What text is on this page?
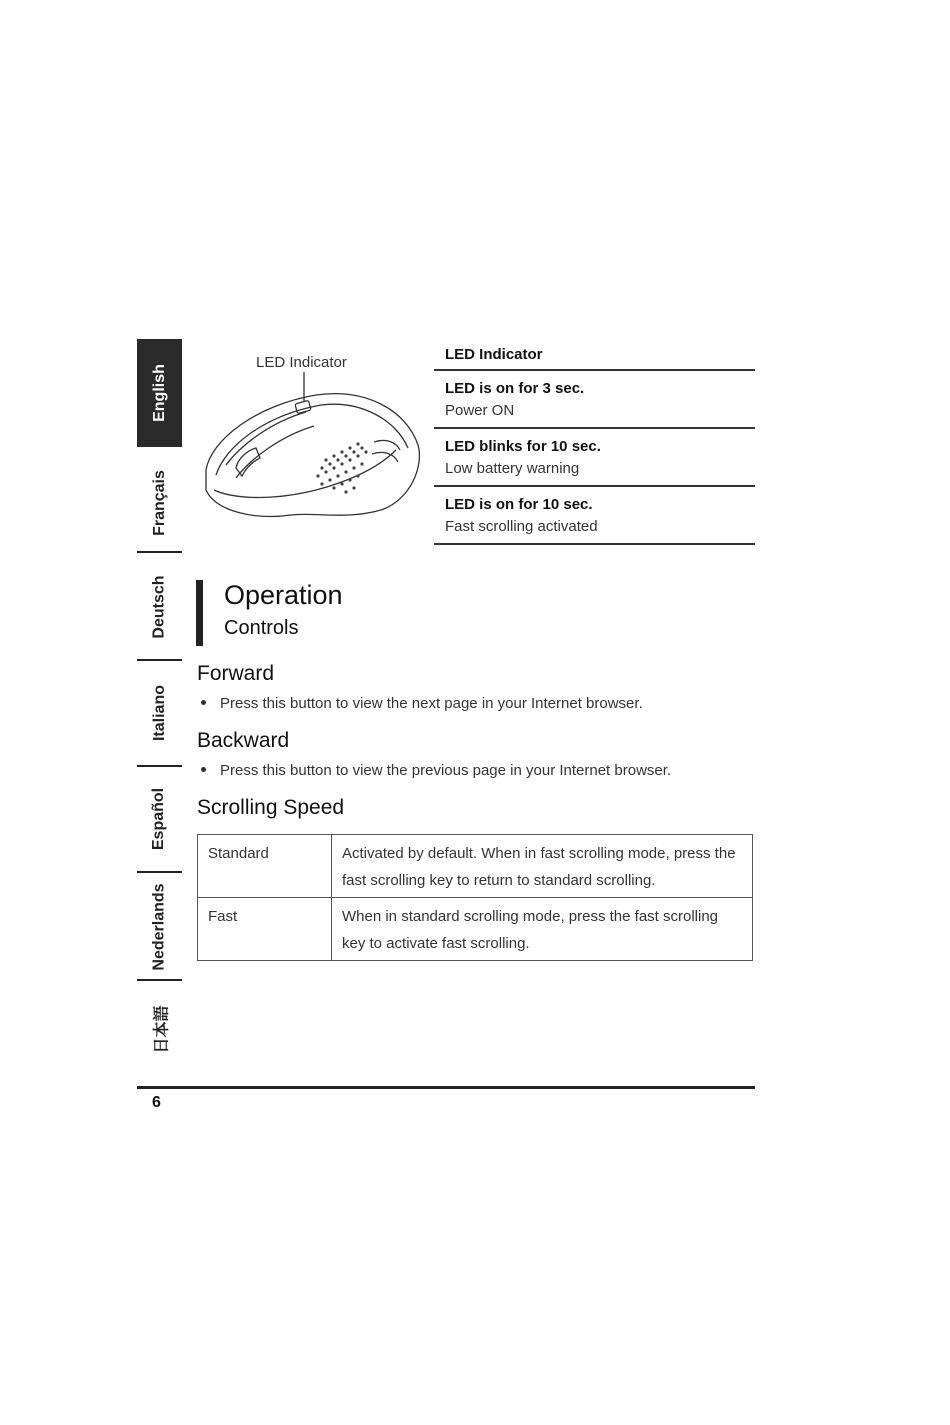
English
Français
Deutsch
Italiano
Español
Nederlands
日本語
LED Indicator	LED Indicator
LED is on for 3 sec.
Power ON
LED blinks for 10 sec.
Low battery warning
LED is on for 10 sec.
Fast scrolling activated
Operation
Controls
Forward
Press this button to view the next page in your Internet browser.
Backward
Press this button to view the previous page in your Internet browser.
Scrolling Speed
Standard	Activated by default. When in fast scrolling mode, press the fast scrolling key to return to standard scrolling.
Fast	When in standard scrolling mode, press the fast scrolling key to activate fast scrolling.
6
